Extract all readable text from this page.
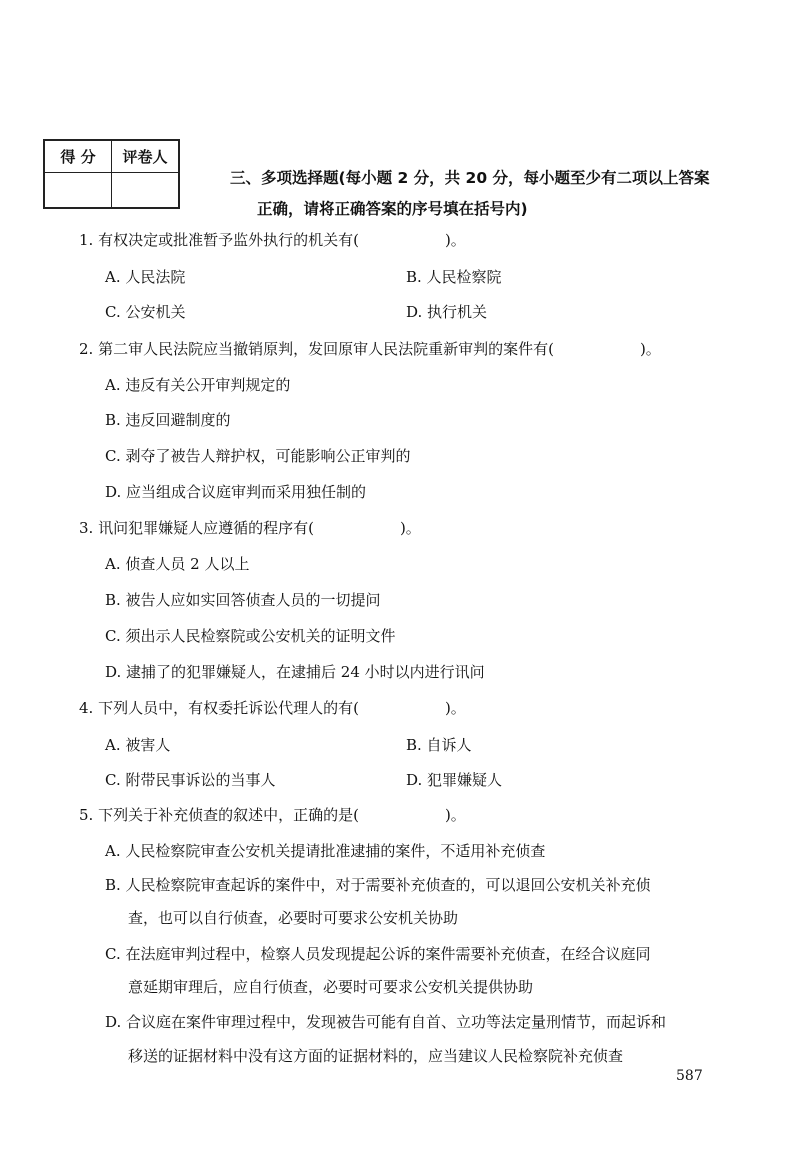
得 分	评卷人

三、多项选择题(每小题 2 分，共 20 分，每小题至少有二项以上答案
正确，请将正确答案的序号填在括号内)
1. 有权决定或批准暂予监外执行的机关有(	)。
A. 人民法院	B. 人民检察院
C. 公安机关	D. 执行机关
2. 第二审人民法院应当撤销原判，发回原审人民法院重新审判的案件有(	)。
A. 违反有关公开审判规定的
B. 违反回避制度的
C. 剥夺了被告人辩护权，可能影响公正审判的
D. 应当组成合议庭审判而采用独任制的
3. 讯问犯罪嫌疑人应遵循的程序有(	)。
A. 侦查人员 2 人以上
B. 被告人应如实回答侦查人员的一切提问
C. 须出示人民检察院或公安机关的证明文件
D. 逮捕了的犯罪嫌疑人，在逮捕后 24 小时以内进行讯问
4. 下列人员中，有权委托诉讼代理人的有(	)。
A. 被害人	B. 自诉人
C. 附带民事诉讼的当事人	D. 犯罪嫌疑人
5. 下列关于补充侦查的叙述中，正确的是(	)。
A. 人民检察院审查公安机关提请批准逮捕的案件，不适用补充侦查
B. 人民检察院审查起诉的案件中，对于需要补充侦查的，可以退回公安机关补充侦
查，也可以自行侦查，必要时可要求公安机关协助
C. 在法庭审判过程中，检察人员发现提起公诉的案件需要补充侦查，在经合议庭同
意延期审理后，应自行侦查，必要时可要求公安机关提供协助
D. 合议庭在案件审理过程中，发现被告可能有自首、立功等法定量刑情节，而起诉和
移送的证据材料中没有这方面的证据材料的，应当建议人民检察院补充侦查
587
